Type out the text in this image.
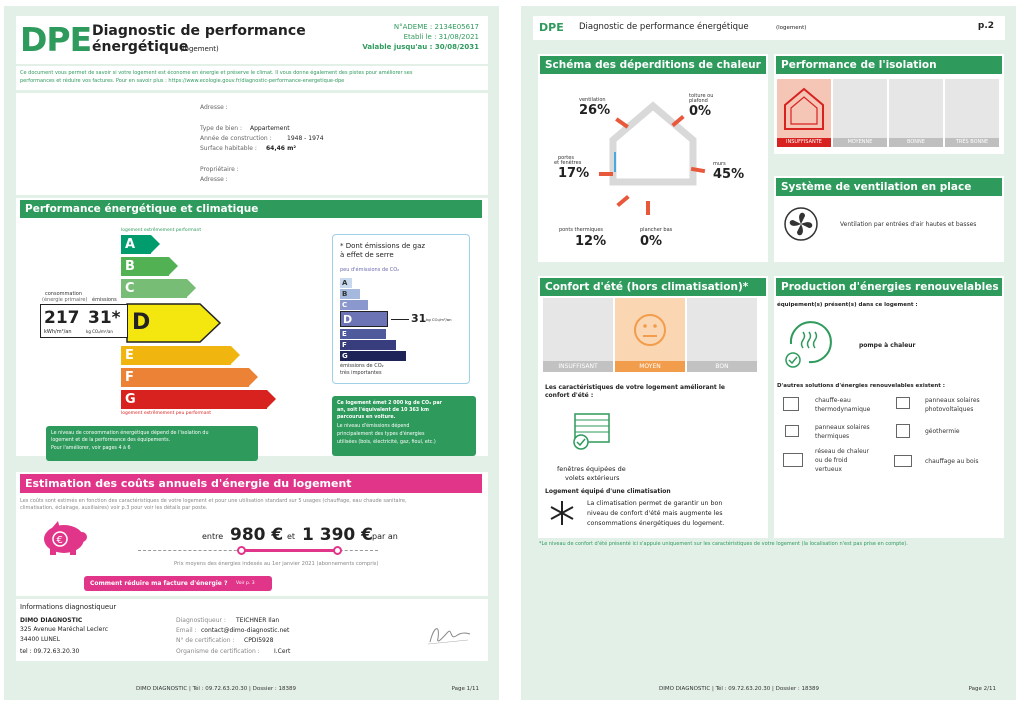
DPE Diagnostic de performance
énergétique
(logement)
N°ADEME : 2134E05617
Etabli le : 31/08/2021
Valable jusqu'au : 30/08/2031
Ce document vous permet de savoir si votre logement est économe en énergie et préserve le climat. Il vous donne également des pistes pour améliorer ses
performances et réduire vos factures. Pour en savoir plus : https://www.ecologie.gouv.fr/diagnostic-performance-energetique-dpe
Adresse :
Type de bien : Appartement
Année de construction :	1948 - 1974
Surface habitable : 64,46 m²
Propriétaire :
Adresse :
Performance énergétique et climatique
logement extrêmement performant
A
B
C
D
E
F
G
logement extrêmement peu performant
consommation
(énergie primaire) émissions
217
kWh/m²/an
31*
kg CO₂/m²/an
Le niveau de consommation énergétique dépend de l'isolation du
logement et de la performance des équipements.
Pour l'améliorer, voir pages 4 à 6
* Dont émissions de gaz
à effet de serre
peu d'émissions de CO₂
A
B
C
D
E
F
G
31 kg CO₂/m²/an
émissions de CO₂
très importantes
Ce logement émet 2 000 kg de CO₂ par
an, soit l'équivalent de 10 363 km
parcourus en voiture.
Le niveau d'émissions dépend
principalement des types d'énergies
utilisées (bois, électricité, gaz, fioul, etc.)
Estimation des coûts annuels d'énergie du logement
Les coûts sont estimés en fonction des caractéristiques de votre logement et pour une utilisation standard sur 5 usages (chauffage, eau chaude sanitaire,
climatisation, éclairage, auxiliaires) voir p.3 pour voir les détails par poste.
€	entre 980 € et 1 390 € par an
Prix moyens des énergies indexés au 1er janvier 2021 (abonnements compris)
Comment réduire ma facture d'énergie ? Voir p. 3
Informations diagnostiqueur
DIMO DIAGNOSTIC
325 Avenue Maréchal Leclerc
34400 LUNEL
tel : 09.72.63.20.30
Diagnostiqueur : TEICHNER Ilan
Email : contact@dimo-diagnostic.net
N° de certification : CPDI5928
Organisme de certification : I.Cert
DIMO DIAGNOSTIC | Tél : 09.72.63.20.30 | Dossier : 18389	Page 1/11
DPE Diagnostic de performance énergétique	(logement)	p.2
Schéma des déperditions de chaleur
ventilation
26%
toiture ou
plafond
0%
portes
et fenêtres
17%
murs
45%
ponts thermiques
12%
plancher bas
0%
Performance de l'isolation
INSUFFISANTE	MOYENNE	BONNE	TRÈS BONNE
Système de ventilation en place
Ventilation par entrées d'air hautes et basses
Confort d'été (hors climatisation)*
INSUFFISANT	MOYEN	BON
Les caractéristiques de votre logement améliorant le
confort d'été :
fenêtres équipées de
volets extérieurs
Logement équipé d'une climatisation
La climatisation permet de garantir un bon
niveau de confort d'été mais augmente les
consommations énergétiques du logement.
Production d'énergies renouvelables
équipement(s) présent(s) dans ce logement :
pompe à chaleur
D'autres solutions d'énergies renouvelables existent :
chauffe-eau
thermodynamique
panneaux solaires
photovoltaïques
panneaux solaires
thermiques
géothermie
réseau de chaleur
ou de froid
vertueux
chauffage au bois
*Le niveau de confort d'été présenté ici s'appuie uniquement sur les caractéristiques de votre logement (la localisation n'est pas prise en compte).
DIMO DIAGNOSTIC | Tél : 09.72.63.20.30 | Dossier : 18389	Page 2/11
